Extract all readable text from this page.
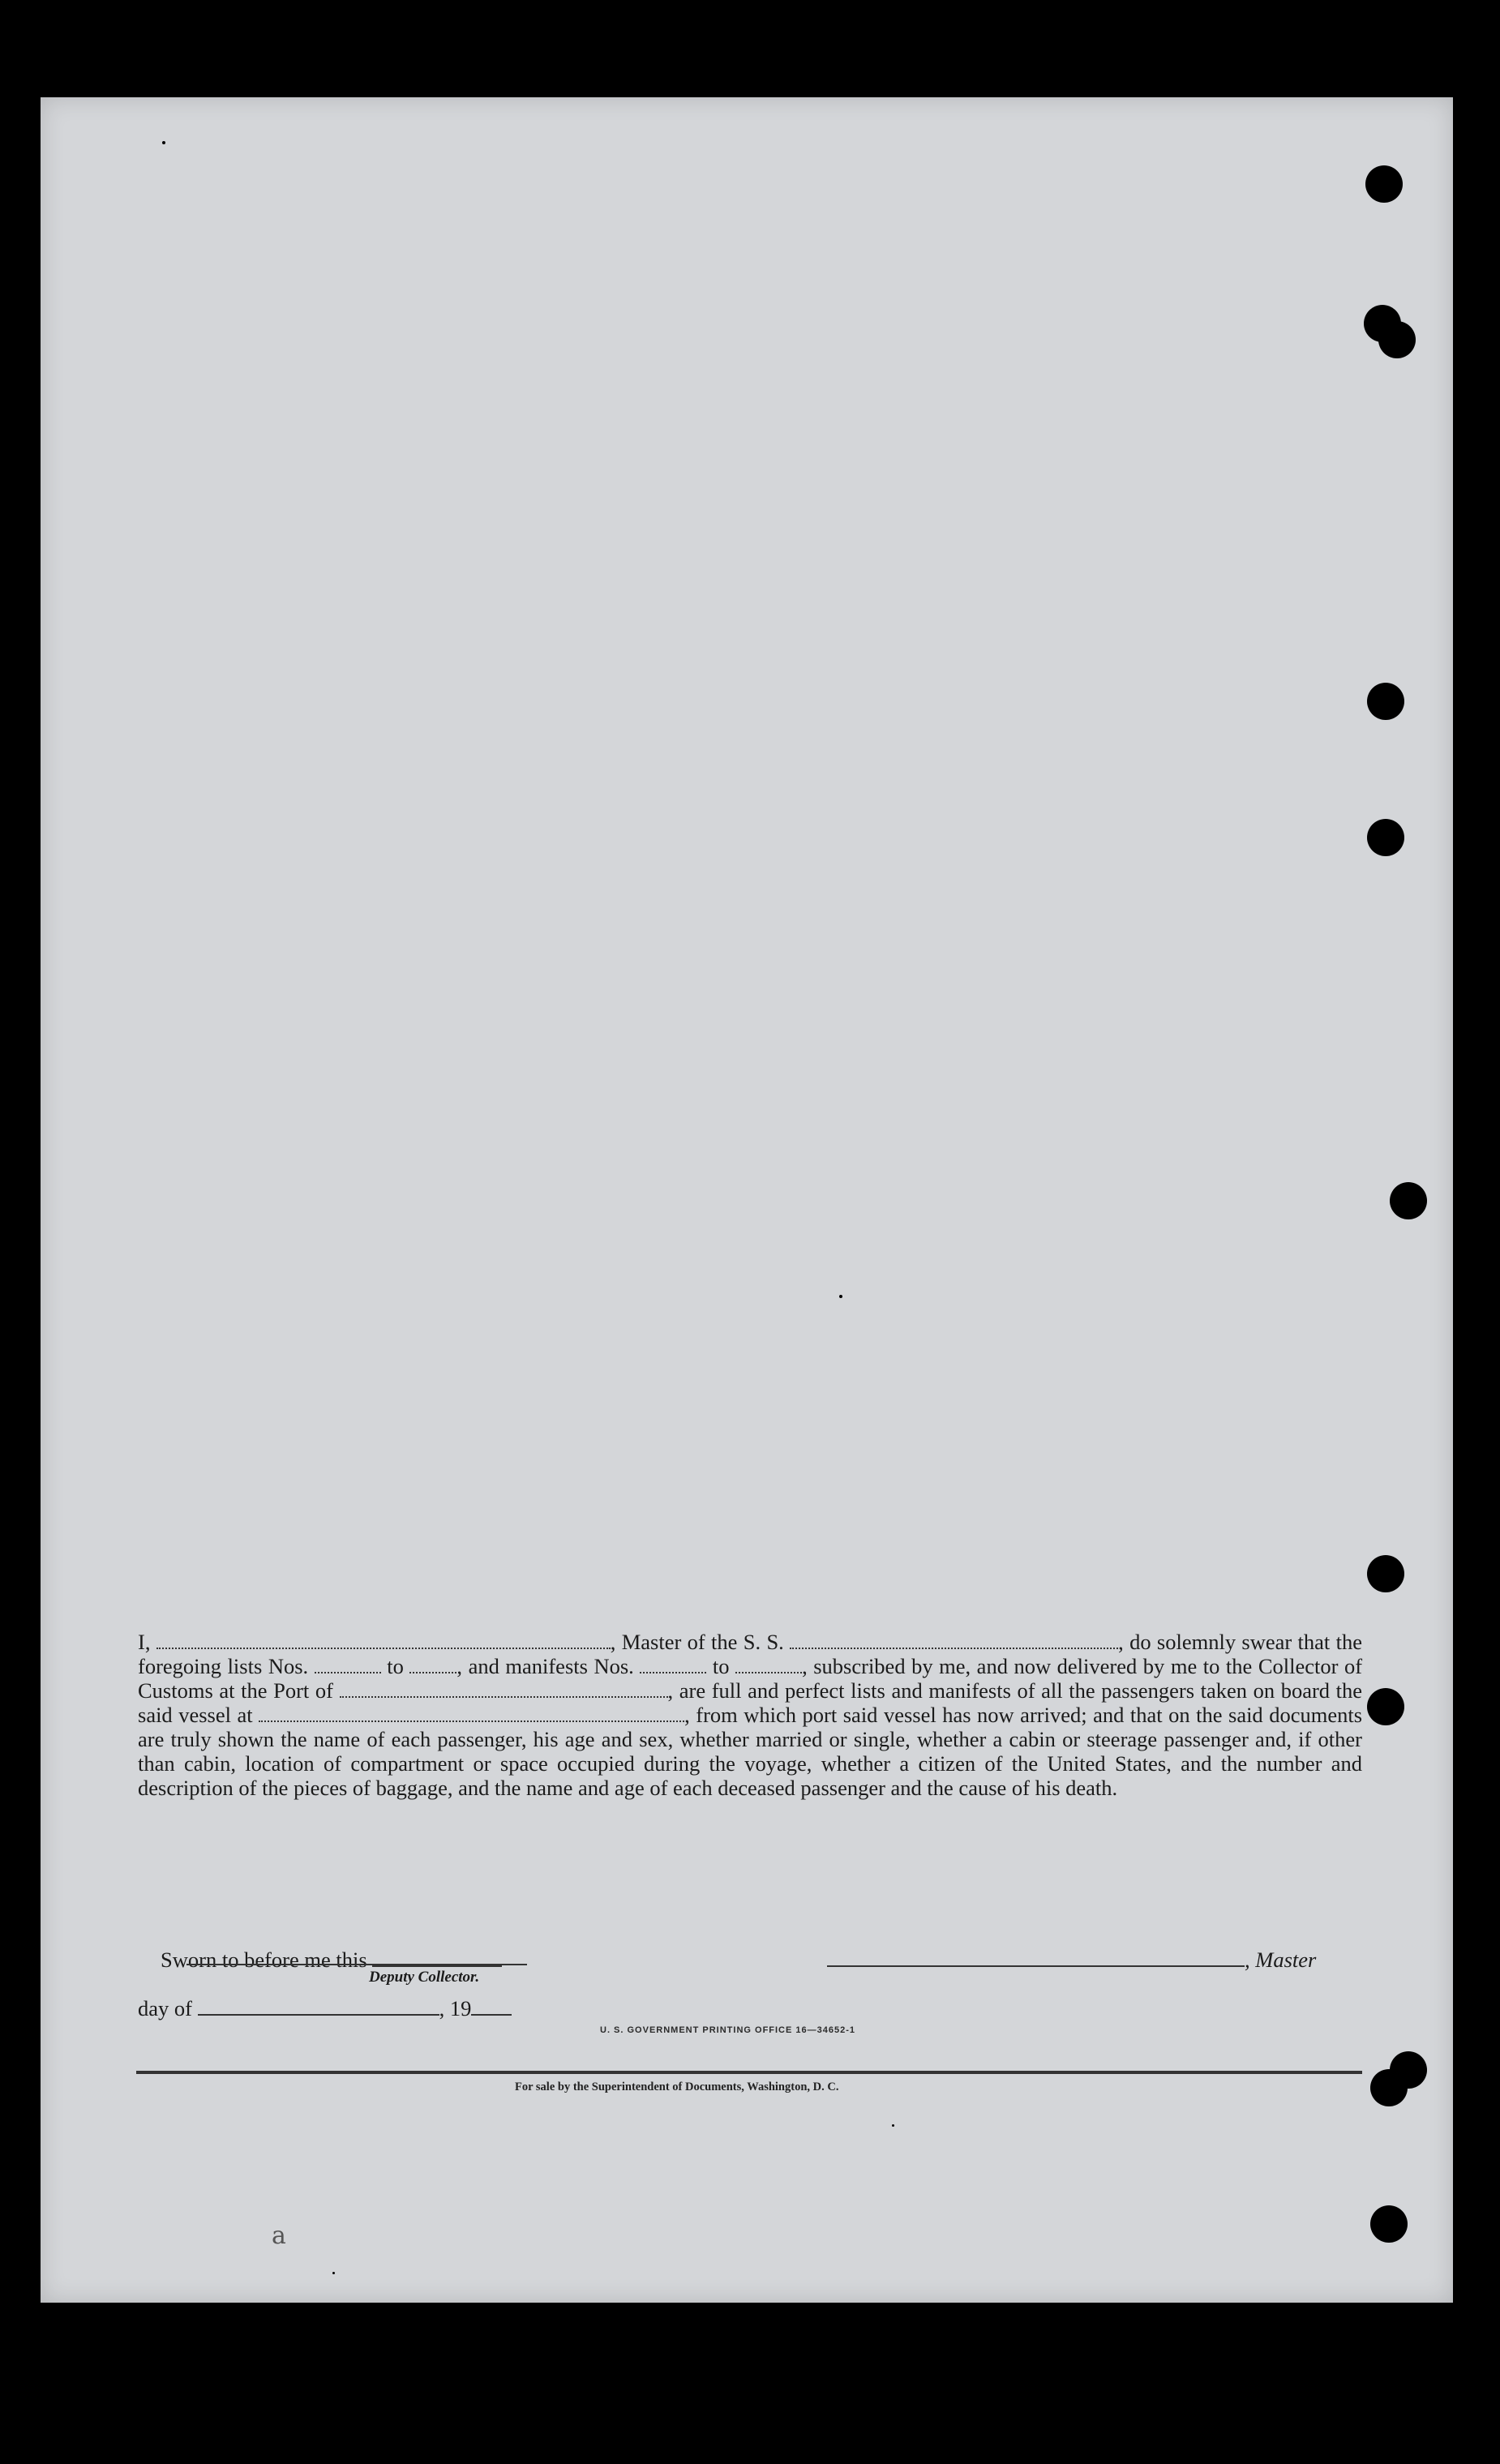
I,	, Master of the S. S.	, do solemnly swear that the foregoing lists Nos.	to , and manifests Nos.	to	, subscribed by me, and now delivered by me to the Collector of Customs at the Port of	, are full and perfect lists and manifests of all the passengers taken on board the said vessel at	, from which port said vessel has now arrived; and that on the said documents are truly shown the name of each passenger, his age and sex, whether married or single, whether a cabin or steerage passenger and, if other than cabin, location of compartment or space occupied during the voyage, whether a citizen of the United States, and the number and description of the pieces of baggage, and the name and age of each deceased passenger and the cause of his death.
Sworn to before me this	, Master
day of	, 19
Deputy Collector.
U. S. GOVERNMENT PRINTING OFFICE 16—34652-1
For sale by the Superintendent of Documents, Washington, D. C.
a
